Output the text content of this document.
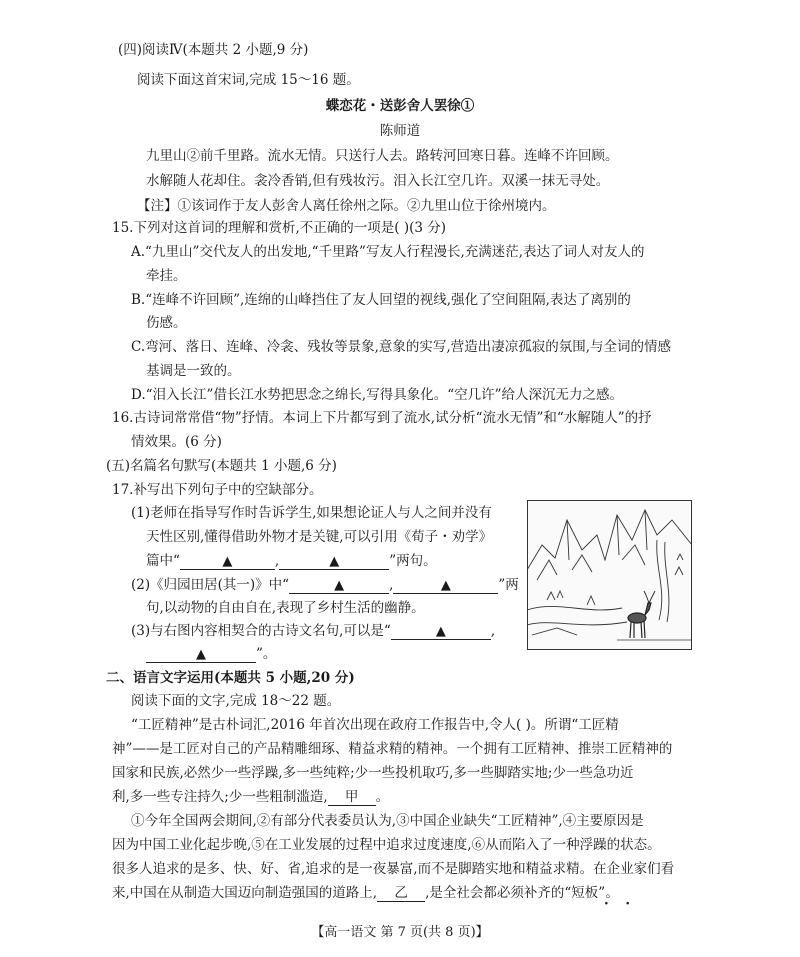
(四)阅读Ⅳ(本题共 2 小题,9 分)
阅读下面这首宋词,完成 15～16 题。
蝶恋花・送彭舍人罢徐①
陈师道
九里山②前千里路。流水无情。只送行人去。路转河回寒日暮。连峰不许回顾。
水解随人花却住。衾冷香销,但有残妆污。泪入长江空几许。双溪一抹无寻处。
【注】①该词作于友人彭舍人离任徐州之际。②九里山位于徐州境内。
15.下列对这首词的理解和赏析,不正确的一项是( )(3 分)
A.“九里山”交代友人的出发地,“千里路”写友人行程漫长,充满迷茫,表达了词人对友人的
牵挂。
B.“连峰不许回顾”,连绵的山峰挡住了友人回望的视线,强化了空间阻隔,表达了离别的
伤感。
C.弯河、落日、连峰、冷衾、残妆等景象,意象的实写,营造出凄凉孤寂的氛围,与全词的情感
基调是一致的。
D.“泪入长江”借长江水势把思念之绵长,写得具象化。“空几许”给人深沉无力之感。
16.古诗词常常借“物”抒情。本词上下片都写到了流水,试分析“流水无情”和“水解随人”的抒
情效果。(6 分)
(五)名篇名句默写(本题共 1 小题,6 分)
17.补写出下列句子中的空缺部分。
(1)老师在指导写作时告诉学生,如果想论证人与人之间并没有
天性区别,懂得借助外物才是关键,可以引用《荀子・劝学》
篇中“	▲	,	▲	”两句。
(2)《归园田居(其一)》中“	▲	,	▲	”两
句,以动物的自由自在,表现了乡村生活的幽静。
(3)与右图内容相契合的古诗文名句,可以是“	▲	,
▲	”。
二、语言文字运用(本题共 5 小题,20 分)
阅读下面的文字,完成 18～22 题。
“工匠精神”是古朴词汇,2016 年首次出现在政府工作报告中,令人( )。所谓“工匠精
神”——是工匠对自己的产品精雕细琢、精益求精的精神。一个拥有工匠精神、推崇工匠精神的
国家和民族,必然少一些浮躁,多一些纯粹;少一些投机取巧,多一些脚踏实地;少一些急功近
利,多一些专注持久;少一些粗制滥造, 甲 。
①今年全国两会期间,②有部分代表委员认为,③中国企业缺失“工匠精神”,④主要原因是
因为中国工业化起步晚,⑤在工业发展的过程中追求过度速度,⑥从而陷入了一种浮躁的状态。
很多人追求的是多、快、好、省,追求的是一夜暴富,而不是脚踏实地和精益求精。在企业家们看
来,中国在从制造大国迈向制造强国的道路上, 乙 ,是全社会都必须补齐的“短板”。
· ·
【高一语文 第 7 页(共 8 页)】
